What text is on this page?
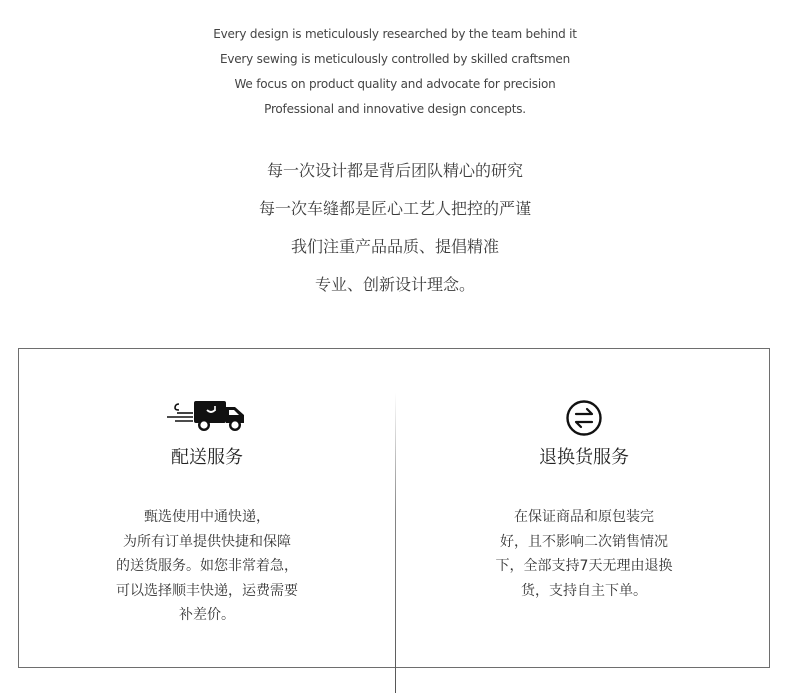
Every design is meticulously researched by the team behind it
Every sewing is meticulously controlled by skilled craftsmen
We focus on product quality and advocate for precision
Professional and innovative design concepts.
每一次设计都是背后团队精心的研究
每一次车缝都是匠心工艺人把控的严谨
我们注重产品品质、提倡精准
专业、创新设计理念。
配送服务
甄选使用中通快递，
为所有订单提供快捷和保障
的送货服务。如您非常着急，
可以选择顺丰快递，运费需要
补差价。
退换货服务
在保证商品和原包装完
好，且不影响二次销售情况
下，全部支持7天无理由退换
货，支持自主下单。
